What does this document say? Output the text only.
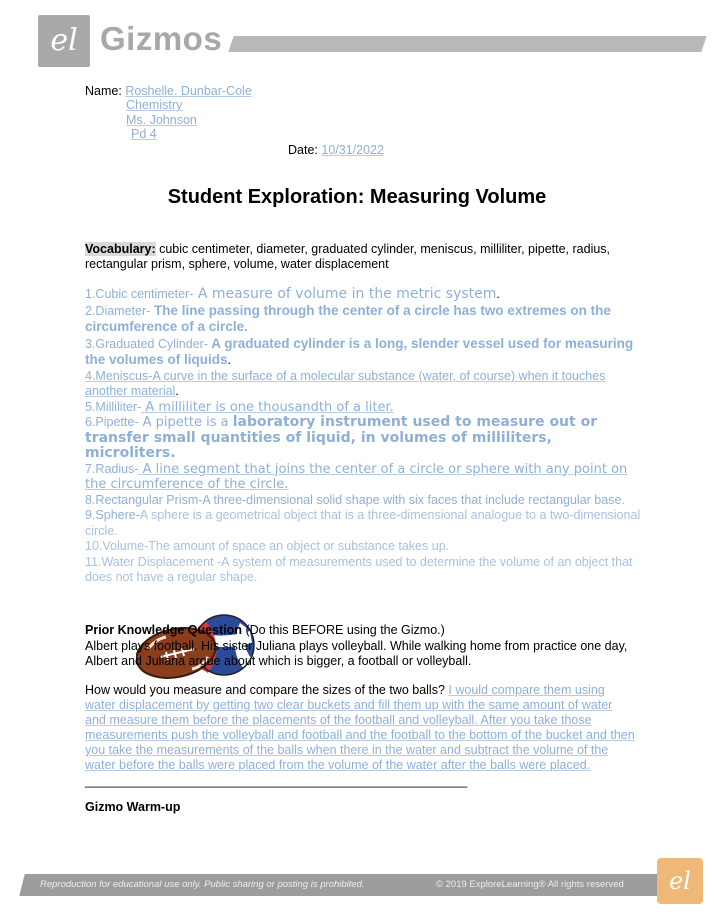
el Gizmos
Name: Roshelle. Dunbar-Cole
Chemistry
Ms. Johnson
Pd 4
Date: 10/31/2022
Student Exploration: Measuring Volume
Vocabulary: cubic centimeter, diameter, graduated cylinder, meniscus, milliliter, pipette, radius, rectangular prism, sphere, volume, water displacement

1.Cubic centimeter- A measure of volume in the metric system.

2.Diameter- The line passing through the center of a circle has two extremes on the circumference of a circle.

3.Graduated Cylinder- A graduated cylinder is a long, slender vessel used for measuring the volumes of liquids.

4.Meniscus-A curve in the surface of a molecular substance (water, of course) when it touches another material.

5.Milliliter- A milliliter is one thousandth of a liter.

6.Pipette- A pipette is a laboratory instrument used to measure out or transfer small quantities of liquid, in volumes of milliliters, microliters.

7.Radius- A line segment that joins the center of a circle or sphere with any point on the circumference of the circle.

8.Rectangular Prism-A three-dimensional solid shape with six faces that include rectangular base.

9.Sphere-A sphere is a geometrical object that is a three-dimensional analogue to a two-dimensional circle.

10.Volume-The amount of space an object or substance takes up.

11.Water Displacement -A system of measurements used to determine the volume of an object that does not have a regular shape.

Prior Knowledge Question (Do this BEFORE using the Gizmo.)
Albert plays football. His sister Juliana plays volleyball. While walking home from practice one day, Albert and Juliana argue about which is bigger, a football or volleyball.
How would you measure and compare the sizes of the two balls? I would compare them using water displacement by getting two clear buckets and fill them up with the same amount of water and measure them before the placements of the football and volleyball. After you take those measurements push the volleyball and football and the football to the bottom of the bucket and then you take the measurements of the balls when there in the water and subtract the volume of the water before the balls were placed from the volume of the water after the balls were placed.
_______________________________________________________
Gizmo Warm-up
Reproduction for educational use only. Public sharing or posting is prohibited.	© 2019 ExploreLearning® All rights reserved	el
